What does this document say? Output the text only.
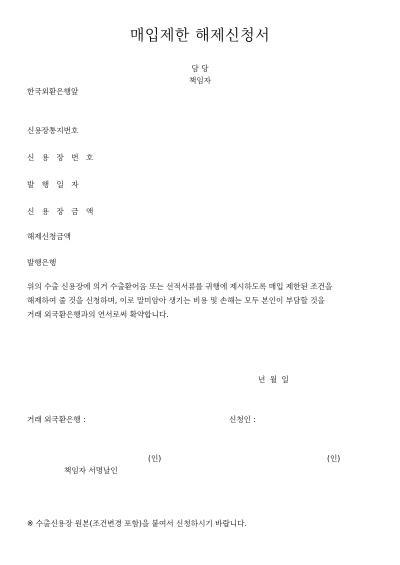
매입제한 해제신청서
담 당
책임자

한국외환은행앞

신용장통지번호

신 용 장 번 호

발 행 일 자

신 용 장 금 액

해제신청금액

발행은행

위의 수출 신용장에 의거 수출환어음 또는 선적서류를 귀행에 제시하도록 매입 제한된 조건을
해제하여 줄 것을 신청하며, 이로 말미암아 생기는 비용 및 손해는 모두 본인이 부담할 것을
거래 외국환은행과의 연서로써 확약합니다.

년 월 일

거래 외국환은행 :	신청인 :

(인)	(인)

책임자 서명날인

※ 수출신용장 원본(조건변경 포함)을 붙여서 신청하시기 바랍니다.
